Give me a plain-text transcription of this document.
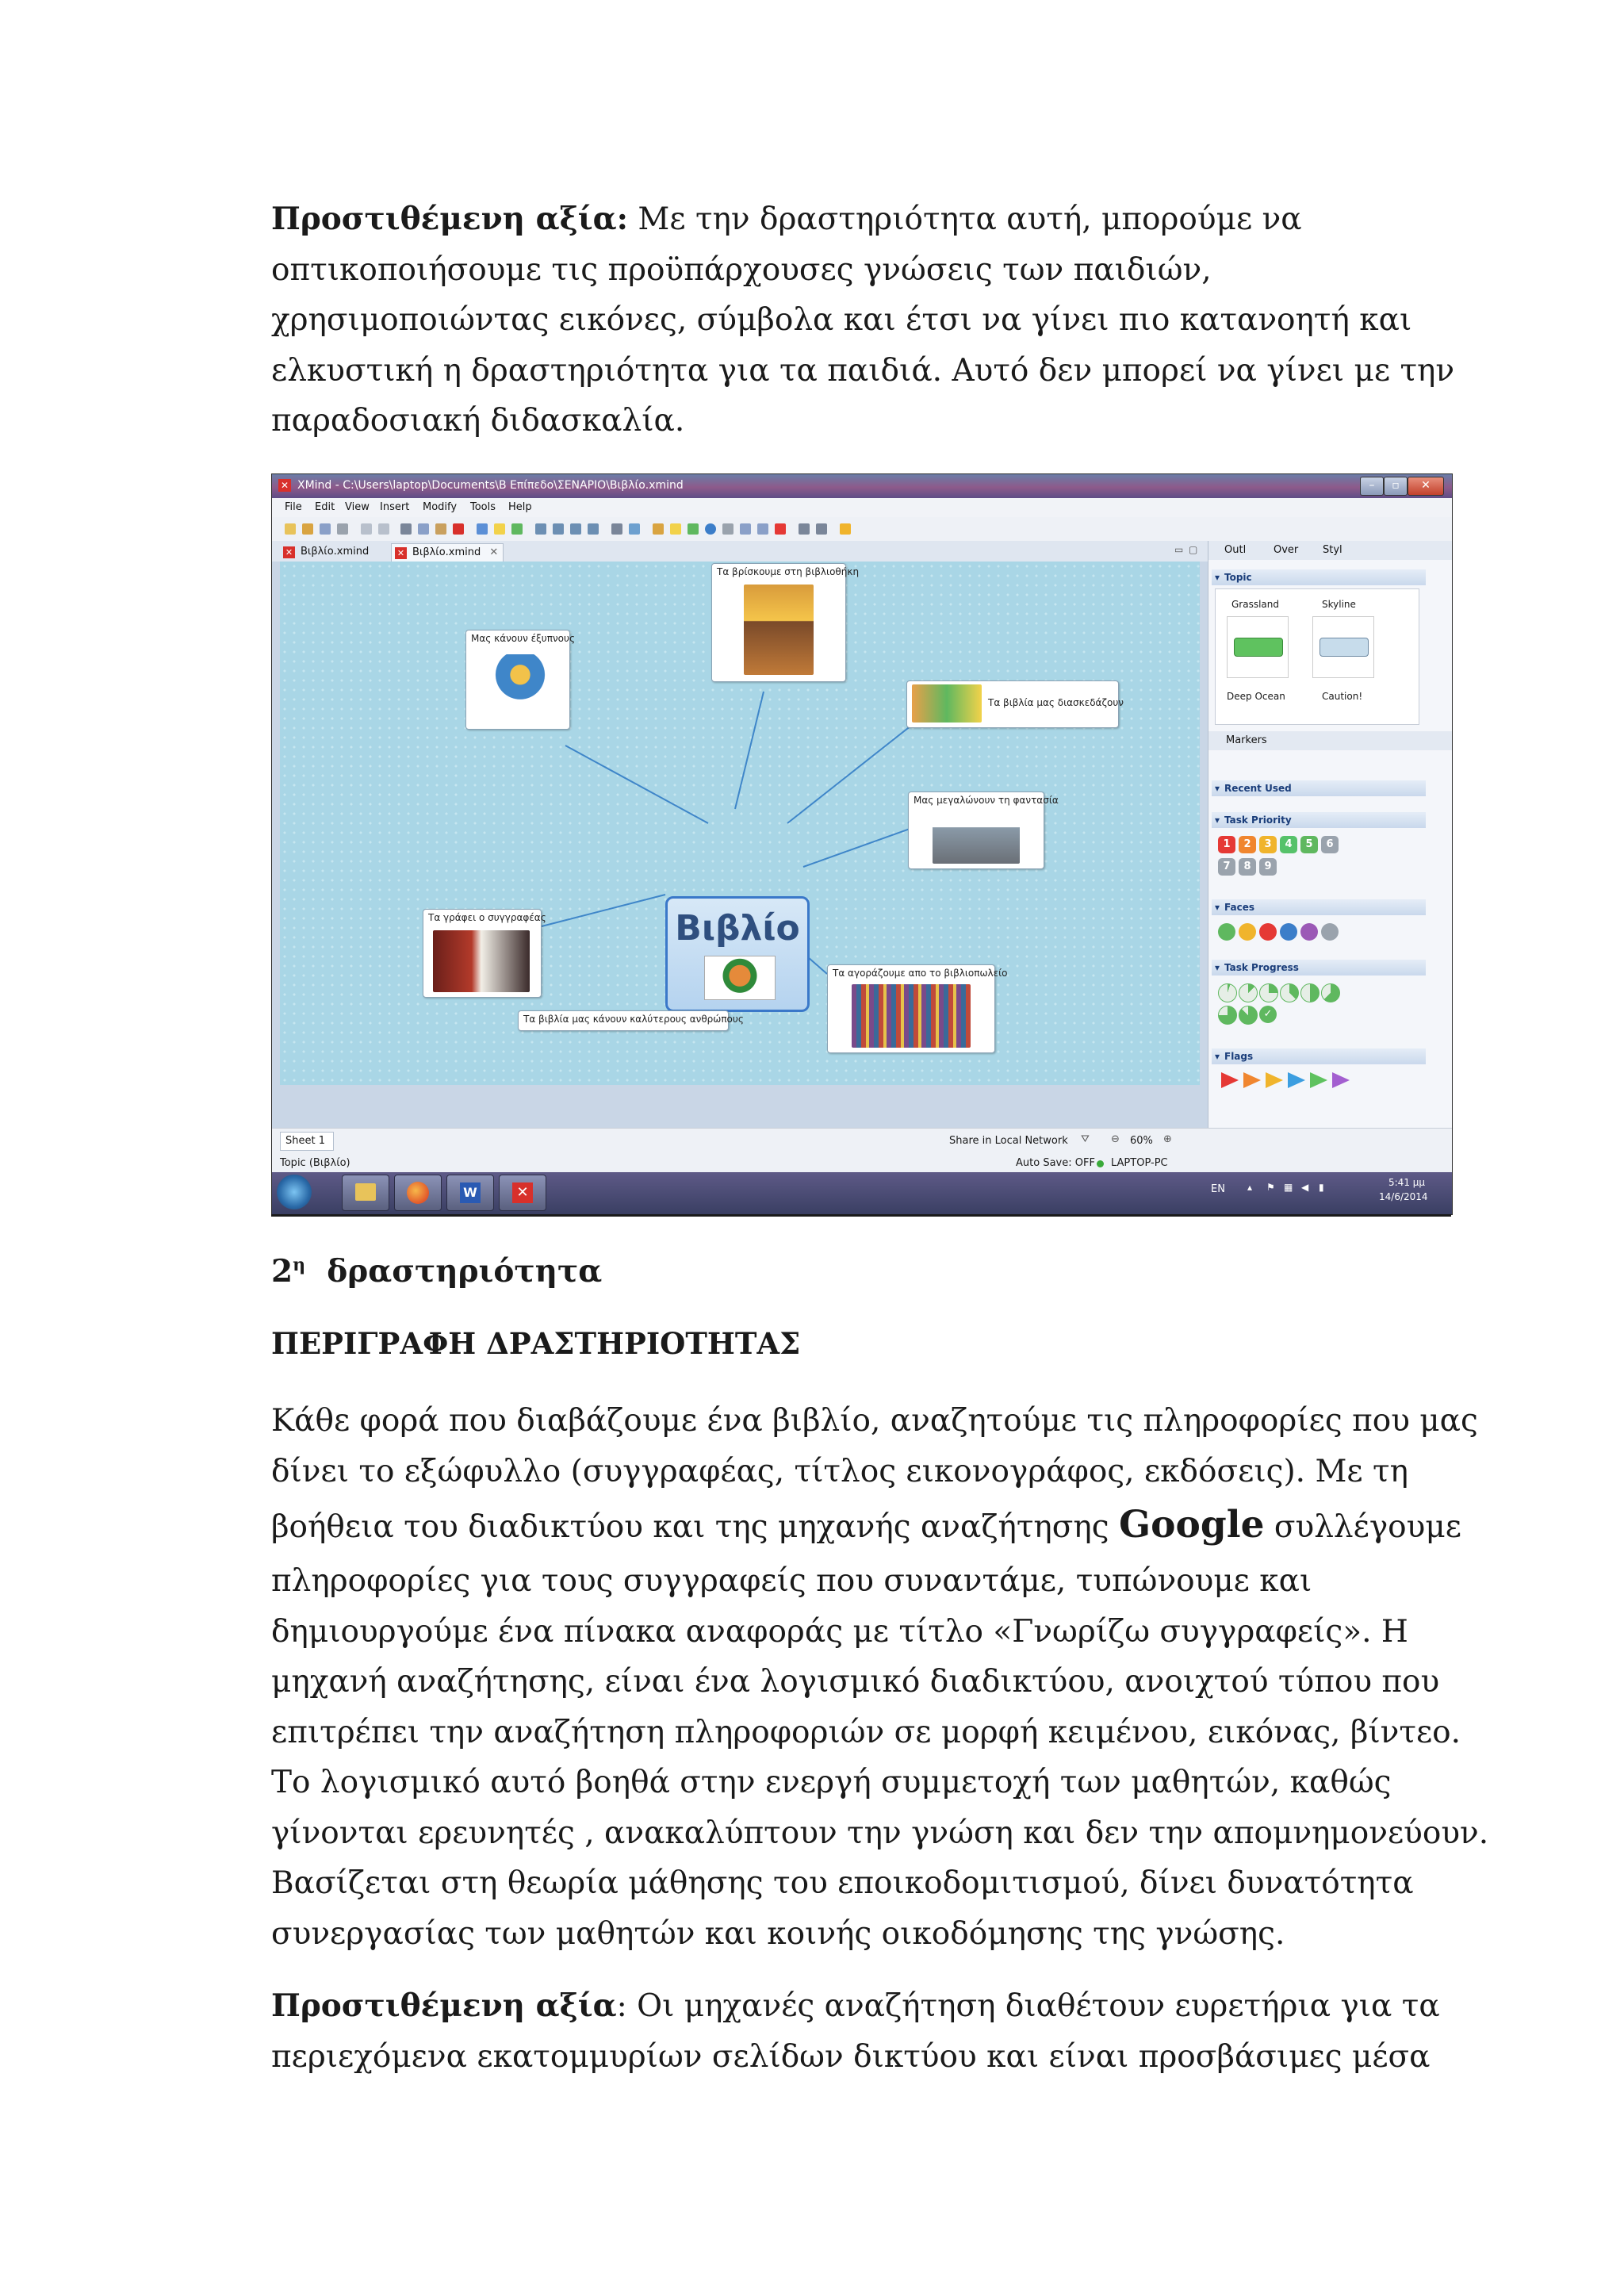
Προστιθέμενη αξία: Με την δραστηριότητα αυτή, μπορούμε να
οπτικοποιήσουμε τις προϋπάρχουσες γνώσεις των παιδιών,
χρησιμοποιώντας εικόνες, σύμβολα και έτσι να γίνει πιο κατανοητή και
ελκυστική η δραστηριότητα για τα παιδιά. Αυτό δεν μπορεί να γίνει με την
παραδοσιακή διδασκαλία.
✕ XMind - C:\Users\laptop\Documents\Β Επίπεδο\ΣΕΝΑΡΙΟ\Βιβλίο.xmind	–	▫	✕
File Edit View Insert Modify Tools Help
✕ Βιβλίο.xmind	✕ Βιβλίο.xmind ✕	▭ ▢
Τα βρίσκουμε στη βιβλιοθήκη
Μας κάνουν έξυπνους
Τα βιβλία μας διασκεδάζουν
Μας μεγαλώνουν τη φαντασία
Βιβλίο
Τα γράφει ο συγγραφέας
Τα αγοράζουμε απο το βιβλιοπωλείο
Τα βιβλία μας κάνουν καλύτερους ανθρώπους
Outl	Over Styl
▾ Topic
Grassland	Skyline
Deep Ocean	Caution!
Markers
▾ Recent Used
▾ Task Priority
1	2	3	4	5	6
7	8	9
▾ Faces
▾ Task Progress
✓
▾ Flags
Sheet 1	Share in Local Network ⛛ ⊖ 60% ⊕
Topic (Βιβλίο)	Auto Save: OFF LAPTOP-PC
W	✕	EN ▴ ⚑ ▦ ◀ ▮	5:41 μμ
14/6/2014
$2^\eta$ δραστηριότητα
ΠΕΡΙΓΡΑΦΗ ΔΡΑΣΤΗΡΙΟΤΗΤΑΣ
Κάθε φορά που διαβάζουμε ένα βιβλίο, αναζητούμε τις πληροφορίες που μας
δίνει το εξώφυλλο (συγγραφέας, τίτλος εικονογράφος, εκδόσεις). Με τη
βοήθεια του διαδικτύου και της μηχανής αναζήτησης Google συλλέγουμε
πληροφορίες για τους συγγραφείς που συναντάμε, τυπώνουμε και
δημιουργούμε ένα πίνακα αναφοράς με τίτλο «Γνωρίζω συγγραφείς». Η
μηχανή αναζήτησης, είναι ένα λογισμικό διαδικτύου, ανοιχτού τύπου που
επιτρέπει την αναζήτηση πληροφοριών σε μορφή κειμένου, εικόνας, βίντεο.
Το λογισμικό αυτό βοηθά στην ενεργή συμμετοχή των μαθητών, καθώς
γίνονται ερευνητές , ανακαλύπτουν την γνώση και δεν την απομνημονεύουν.
Βασίζεται στη θεωρία μάθησης του εποικοδομιτισμού, δίνει δυνατότητα
συνεργασίας των μαθητών και κοινής οικοδόμησης της γνώσης.
Προστιθέμενη αξία: Οι μηχανές αναζήτηση διαθέτουν ευρετήρια για τα
περιεχόμενα εκατομμυρίων σελίδων δικτύου και είναι προσβάσιμες μέσα
